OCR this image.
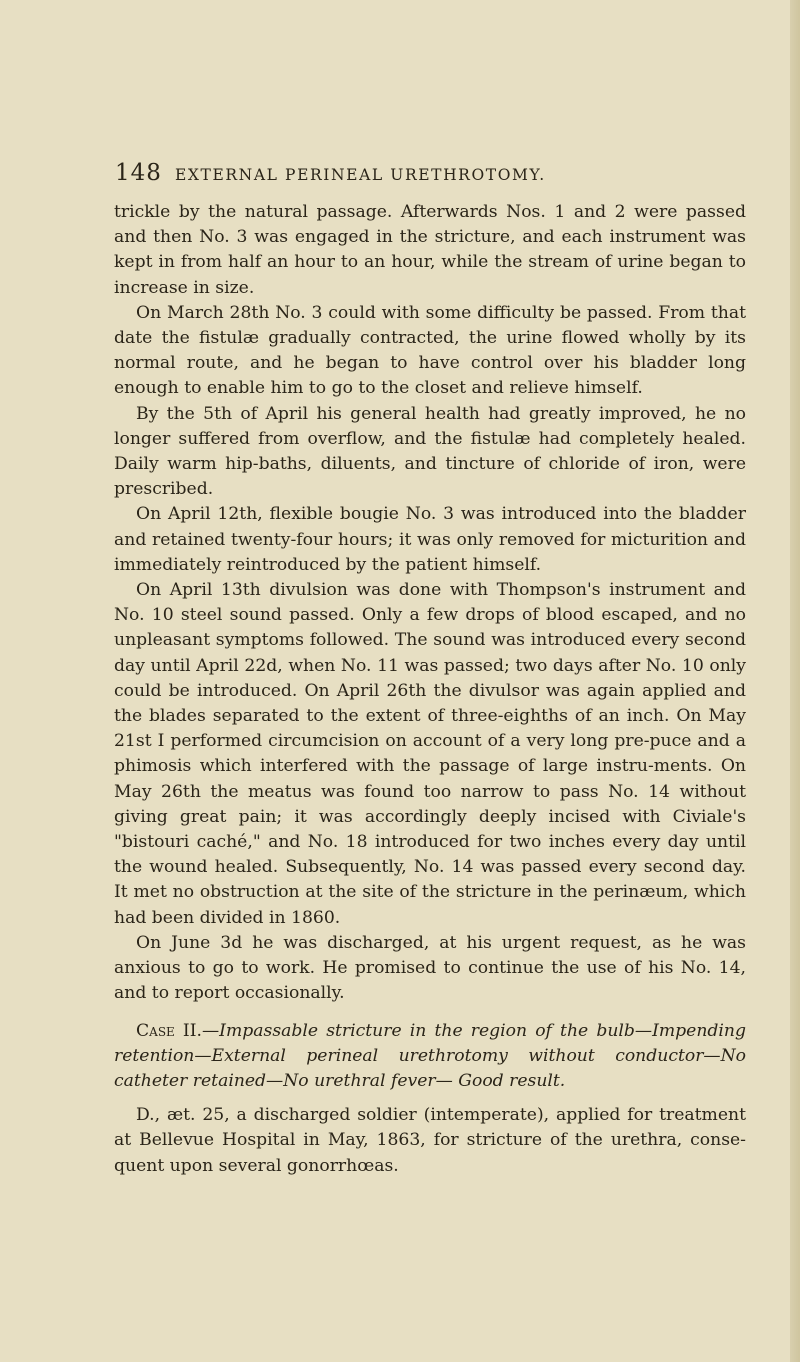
148 EXTERNAL PERINEAL URETHROTOMY.

trickle by the natural passage. Afterwards Nos. 1 and 2 were passed and then No. 3 was engaged in the stricture, and each instrument was kept in from half an hour to an hour, while the stream of urine began to increase in size.

On March 28th No. 3 could with some difficulty be passed. From that date the fistulæ gradually contracted, the urine flowed wholly by its normal route, and he began to have control over his bladder long enough to enable him to go to the closet and relieve himself.

By the 5th of April his general health had greatly improved, he no longer suffered from overflow, and the fistulæ had completely healed. Daily warm hip-baths, diluents, and tincture of chloride of iron, were prescribed.

On April 12th, flexible bougie No. 3 was introduced into the bladder and retained twenty-four hours; it was only removed for micturition and immediately reintroduced by the patient himself.

On April 13th divulsion was done with Thompson's instrument and No. 10 steel sound passed. Only a few drops of blood escaped, and no unpleasant symptoms followed. The sound was introduced every second day until April 22d, when No. 11 was passed; two days after No. 10 only could be introduced. On April 26th the divulsor was again applied and the blades separated to the extent of three-eighths of an inch. On May 21st I performed circumcision on account of a very long pre-puce and a phimosis which interfered with the passage of large instru-ments. On May 26th the meatus was found too narrow to pass No. 14 without giving great pain; it was accordingly deeply incised with Civiale's "bistouri caché," and No. 18 introduced for two inches every day until the wound healed. Subsequently, No. 14 was passed every second day. It met no obstruction at the site of the stricture in the perinæum, which had been divided in 1860.

On June 3d he was discharged, at his urgent request, as he was anxious to go to work. He promised to continue the use of his No. 14, and to report occasionally.

Case II.—Impassable stricture in the region of the bulb—Impending retention—External perineal urethrotomy without conductor—No catheter retained—No urethral fever— Good result.

D., æt. 25, a discharged soldier (intemperate), applied for treatment at Bellevue Hospital in May, 1863, for stricture of the urethra, conse-quent upon several gonorrhœas.
